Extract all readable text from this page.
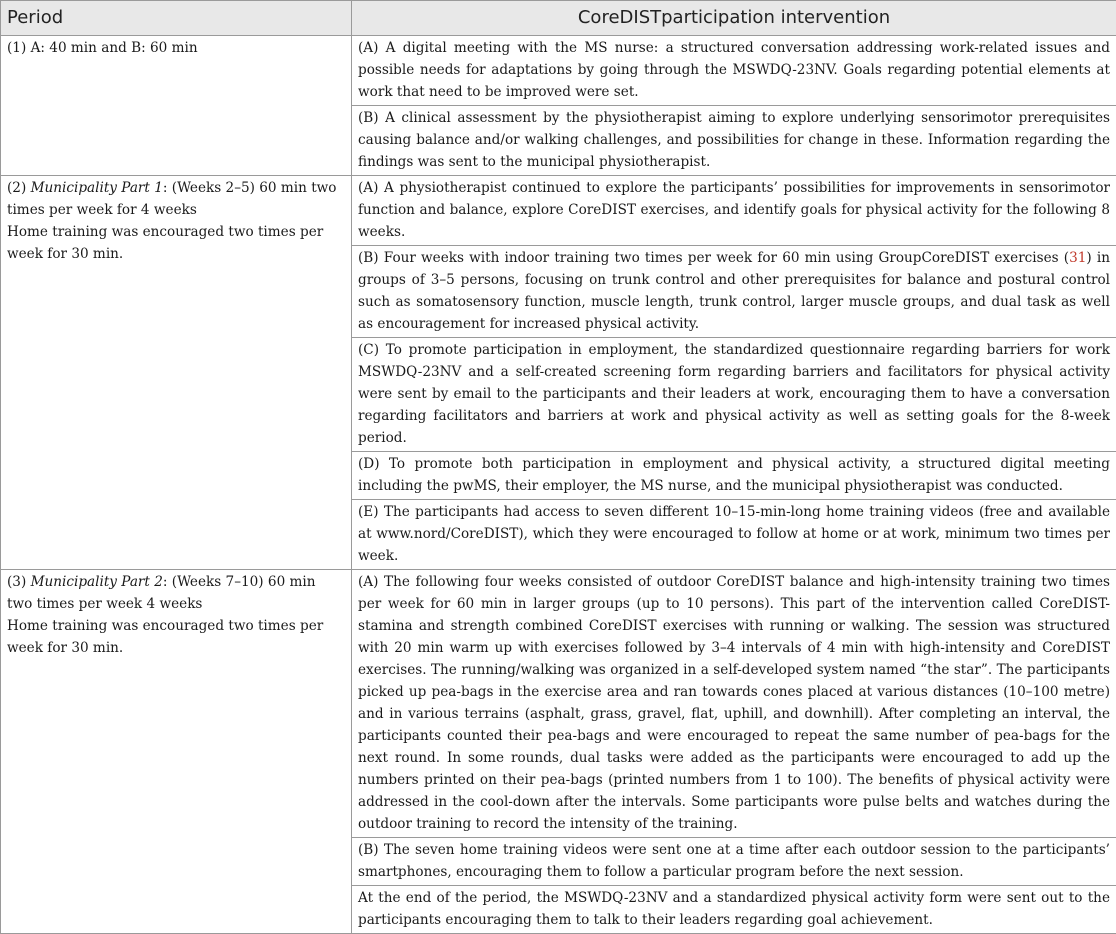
Period	CoreDISTparticipation intervention
(1) A: 40 min and B: 60 min	(A) A digital meeting with the MS nurse: a structured conversation addressing work-related issues and possible needs for adaptations by going through the MSWDQ-23NV. Goals regarding potential elements at work that need to be improved were set.
	(B) A clinical assessment by the physiotherapist aiming to explore underlying sensorimotor prerequisites causing balance and/or walking challenges, and possibilities for change in these. Information regarding the findings was sent to the municipal physiotherapist.
(2) Municipality Part 1: (Weeks 2–5) 60 min two times per week for 4 weeks
Home training was encouraged two times per week for 30 min.	(A) A physiotherapist continued to explore the participants’ possibilities for improvements in sensorimotor function and balance, explore CoreDIST exercises, and identify goals for physical activity for the following 8 weeks.
	(B) Four weeks with indoor training two times per week for 60 min using GroupCoreDIST exercises (31) in groups of 3–5 persons, focusing on trunk control and other prerequisites for balance and postural control such as somatosensory function, muscle length, trunk control, larger muscle groups, and dual task as well as encouragement for increased physical activity.
	(C) To promote participation in employment, the standardized questionnaire regarding barriers for work MSWDQ-23NV and a self-created screening form regarding barriers and facilitators for physical activity were sent by email to the participants and their leaders at work, encouraging them to have a conversation regarding facilitators and barriers at work and physical activity as well as setting goals for the 8-week period.
	(D) To promote both participation in employment and physical activity, a structured digital meeting including the pwMS, their employer, the MS nurse, and the municipal physiotherapist was conducted.
	(E) The participants had access to seven different 10–15-min-long home training videos (free and available at www.nord/CoreDIST), which they were encouraged to follow at home or at work, minimum two times per week.
(3) Municipality Part 2: (Weeks 7–10) 60 min two times per week 4 weeks
Home training was encouraged two times per week for 30 min.	(A) The following four weeks consisted of outdoor CoreDIST balance and high-intensity training two times per week for 60 min in larger groups (up to 10 persons). This part of the intervention called CoreDIST-stamina and strength combined CoreDIST exercises with running or walking. The session was structured with 20 min warm up with exercises followed by 3–4 intervals of 4 min with high-intensity and CoreDIST exercises. The running/walking was organized in a self-developed system named “the star”. The participants picked up pea-bags in the exercise area and ran towards cones placed at various distances (10–100 metre) and in various terrains (asphalt, grass, gravel, flat, uphill, and downhill). After completing an interval, the participants counted their pea-bags and were encouraged to repeat the same number of pea-bags for the next round. In some rounds, dual tasks were added as the participants were encouraged to add up the numbers printed on their pea-bags (printed numbers from 1 to 100). The benefits of physical activity were addressed in the cool-down after the intervals. Some participants wore pulse belts and watches during the outdoor training to record the intensity of the training.
	(B) The seven home training videos were sent one at a time after each outdoor session to the participants’ smartphones, encouraging them to follow a particular program before the next session.
	At the end of the period, the MSWDQ-23NV and a standardized physical activity form were sent out to the participants encouraging them to talk to their leaders regarding goal achievement.
